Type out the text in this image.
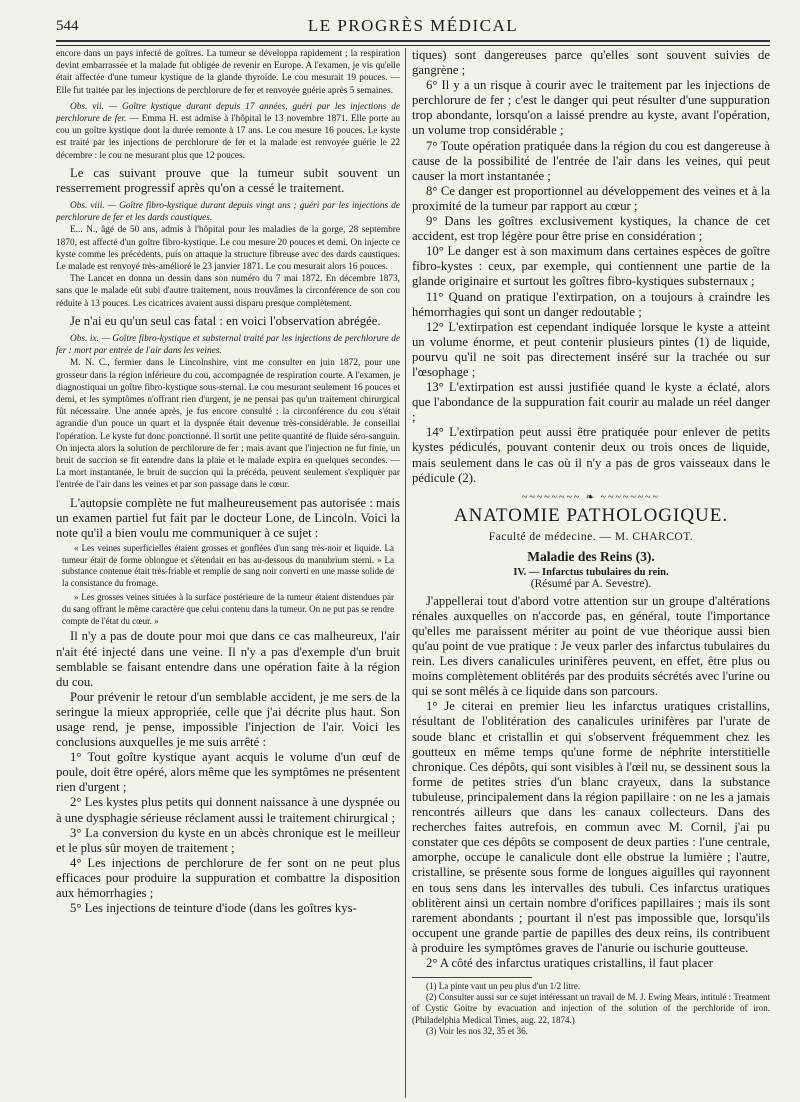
544	LE PROGRÈS MÉDICAL

encore dans un pays infecté de goîtres. La tumeur se développa rapidement ; la respiration devint embarrassée et la malade fut obligée de revenir en Europe. A l'examen, je vis qu'elle était affectée d'une tumeur kystique de la glande thyroïde. Le cou mesurait 19 pouces. — Elle fut traitée par les injections de perchlorure de fer et renvoyée guérie après 5 semaines.

Obs. vii. — Goître kystique durant depuis 17 années, guéri par les injections de perchlorure de fer. — Emma H. est admise à l'hôpital le 13 novembre 1871. Elle porte au cou un goître kystique dont la durée remonte à 17 ans. Le cou mesure 16 pouces. Le kyste est traité par les injections de perchlorure de fer et la malade est renvoyée guérie le 22 décembre : le cou ne mesurant plus que 12 pouces.

Le cas suivant prouve que la tumeur subit souvent un resserrement progressif après qu'on a cessé le traitement.

Obs. viii. — Goître fibro-kystique durant depuis vingt ans ; guéri par les injections de perchlorure de fer et les dards caustiques.

E... N., âgé de 50 ans, admis à l'hôpital pour les maladies de la gorge, 28 septembre 1870, est affecté d'un goître fibro-kystique. Le cou mesure 20 pouces et demi. On injecte ce kyste comme les précédents, puis on attaque la structure fibreuse avec des dards caustiques. Le malade est renvoyé très-amélioré le 23 janvier 1871. Le cou mesurait alors 16 pouces.

The Lancet en donna un dessin dans son numéro du 7 mai 1872. En décembre 1873, sans que le malade eût subi d'autre traitement, nous trouvâmes la circonférence de son cou réduite à 13 pouces. Les cicatrices avaient aussi disparu presque complètement.

Je n'ai eu qu'un seul cas fatal : en voici l'observation abrégée.

Obs. ix. — Goître fibro-kystique et substernal traité par les injections de perchlorure de fer : mort par entrée de l'air dans les veines.

M. N. C., fermier dans le Lincolnshire, vint me consulter en juin 1872, pour une grosseur dans la région inférieure du cou, accompagnée de respiration courte. A l'examen, je diagnostiquai un goître fibro-kystique sous-sternal. Le cou mesurant seulement 16 pouces et demi, et les symptômes n'offrant rien d'urgent, je ne pensai pas qu'un traitement chirurgical fût nécessaire. Une année après, je fus encore consulté : la circonférence du cou s'était agrandie d'un pouce un quart et la dyspnée était devenue très-considérable. Je conseillai l'opération. Le kyste fut donc ponctionné. Il sortit une petite quantité de fluide séro-sanguin. On injecta alors la solution de perchlorure de fer ; mais avant que l'injection ne fut finie, un bruit de succion se fit entendre dans la plaie et le malade expira en quelques secondes. — La mort instantanée, le bruit de succion qui la précéda, peuvent seulement s'expliquer par l'entrée de l'air dans les veines et par son passage dans le cœur.

L'autopsie complète ne fut malheureusement pas autorisée : mais un examen partiel fut fait par le docteur Lone, de Lincoln. Voici la note qu'il a bien voulu me communiquer à ce sujet :

« Les veines superficielles étaient grosses et gonflées d'un sang très-noir et liquide. La tumeur était de forme oblongue et s'étendait en bas au-dessous du manubrium sterni. » La substance contenue était très-friable et remplie de sang noir converti en une masse solide de la consistance du fromage.

» Les grosses veines situées à la surface postérieure de la tumeur étaient distendues par du sang offrant le même caractère que celui contenu dans la tumeur. On ne put pas se rendre compte de l'état du cœur. »

Il n'y a pas de doute pour moi que dans ce cas malheureux, l'air n'ait été injecté dans une veine. Il n'y a pas d'exemple d'un bruit semblable se faisant entendre dans une opération faite à la région du cou.

Pour prévenir le retour d'un semblable accident, je me sers de la seringue la mieux appropriée, celle que j'ai décrite plus haut. Son usage rend, je pense, impossible l'injection de l'air. Voici les conclusions auxquelles je me suis arrêté :

1° Tout goître kystique ayant acquis le volume d'un œuf de poule, doit être opéré, alors même que les symptômes ne présentent rien d'urgent ;

2° Les kystes plus petits qui donnent naissance à une dyspnée ou à une dysphagie sérieuse réclament aussi le traitement chirurgical ;

3° La conversion du kyste en un abcès chronique est le meilleur et le plus sûr moyen de traitement ;

4° Les injections de perchlorure de fer sont on ne peut plus efficaces pour produire la suppuration et combattre la disposition aux hémorrhagies ;

5° Les injections de teinture d'iode (dans les goîtres kys-

tiques) sont dangereuses parce qu'elles sont souvent suivies de gangrène ;

6° Il y a un risque à courir avec le traitement par les injections de perchlorure de fer ; c'est le danger qui peut résulter d'une suppuration trop abondante, lorsqu'on a laissé prendre au kyste, avant l'opération, un volume trop considérable ;

7° Toute opération pratiquée dans la région du cou est dangereuse à cause de la possibilité de l'entrée de l'air dans les veines, qui peut causer la mort instantanée ;

8° Ce danger est proportionnel au développement des veines et à la proximité de la tumeur par rapport au cœur ;

9° Dans les goîtres exclusivement kystiques, la chance de cet accident, est trop légère pour être prise en considération ;

10° Le danger est à son maximum dans certaines espèces de goître fibro-kystes : ceux, par exemple, qui contiennent une partie de la glande originaire et surtout les goîtres fibro-kystiques substernaux ;

11° Quand on pratique l'extirpation, on a toujours à craindre les hémorrhagies qui sont un danger redoutable ;

12° L'extirpation est cependant indiquée lorsque le kyste a atteint un volume énorme, et peut contenir plusieurs pintes (1) de liquide, pourvu qu'il ne soit pas directement inséré sur la trachée ou sur l'œsophage ;

13° L'extirpation est aussi justifiée quand le kyste a éclaté, alors que l'abondance de la suppuration fait courir au malade un réel danger ;

14° L'extirpation peut aussi être pratiquée pour enlever de petits kystes pédiculés, pouvant contenir deux ou trois onces de liquide, mais seulement dans le cas où il n'y a pas de gros vaisseaux dans le pédicule (2).

~~~~~~~~ ❧ ~~~~~~~~
ANATOMIE PATHOLOGIQUE.
Faculté de médecine. — M. CHARCOT.
Maladie des Reins (3).
IV. — Infarctus tubulaires du rein.
(Résumé par A. Sevestre).

J'appellerai tout d'abord votre attention sur un groupe d'altérations rénales auxquelles on n'accorde pas, en général, toute l'importance qu'elles me paraissent mériter au point de vue théorique aussi bien qu'au point de vue pratique : Je veux parler des infarctus tubulaires du rein. Les divers canalicules urinifères peuvent, en effet, être plus ou moins complètement oblitérés par des produits sécrétés avec l'urine ou qui se sont mêlés à ce liquide dans son parcours.

1° Je citerai en premier lieu les infarctus uratiques cristallins, résultant de l'oblitération des canalicules urinifères par l'urate de soude blanc et cristallin et qui s'observent fréquemment chez les goutteux en même temps qu'une forme de néphrite interstitielle chronique. Ces dépôts, qui sont visibles à l'œil nu, se dessinent sous la forme de petites stries d'un blanc crayeux, dans la substance tubuleuse, principalement dans la région papillaire : on ne les a jamais rencontrés ailleurs que dans les canaux collecteurs. Dans des recherches faites autrefois, en commun avec M. Cornil, j'ai pu constater que ces dépôts se composent de deux parties : l'une centrale, amorphe, occupe le canalicule dont elle obstrue la lumière ; l'autre, cristalline, se présente sous forme de longues aiguilles qui rayonnent en tous sens dans les intervalles des tubuli. Ces infarctus uratiques oblitèrent ainsi un certain nombre d'orifices papillaires ; mais ils sont rarement abondants ; pourtant il n'est pas impossible que, lorsqu'ils occupent une grande partie de papilles des deux reins, ils contribuent à produire les symptômes graves de l'anurie ou ischurie goutteuse.

2° A côté des infarctus uratiques cristallins, il faut placer

(1) La pinte vaut un peu plus d'un 1/2 litre.

(2) Consulter aussi sur ce sujet intéressant un travail de M. J. Ewing Mears, intitulé : Treatment of Cystic Goitre by evacuation and injection of the solution of the perchloride of iron. (Philadelphia Medical Times, aug. 22, 1874.)

(3) Voir les nos 32, 35 et 36.
